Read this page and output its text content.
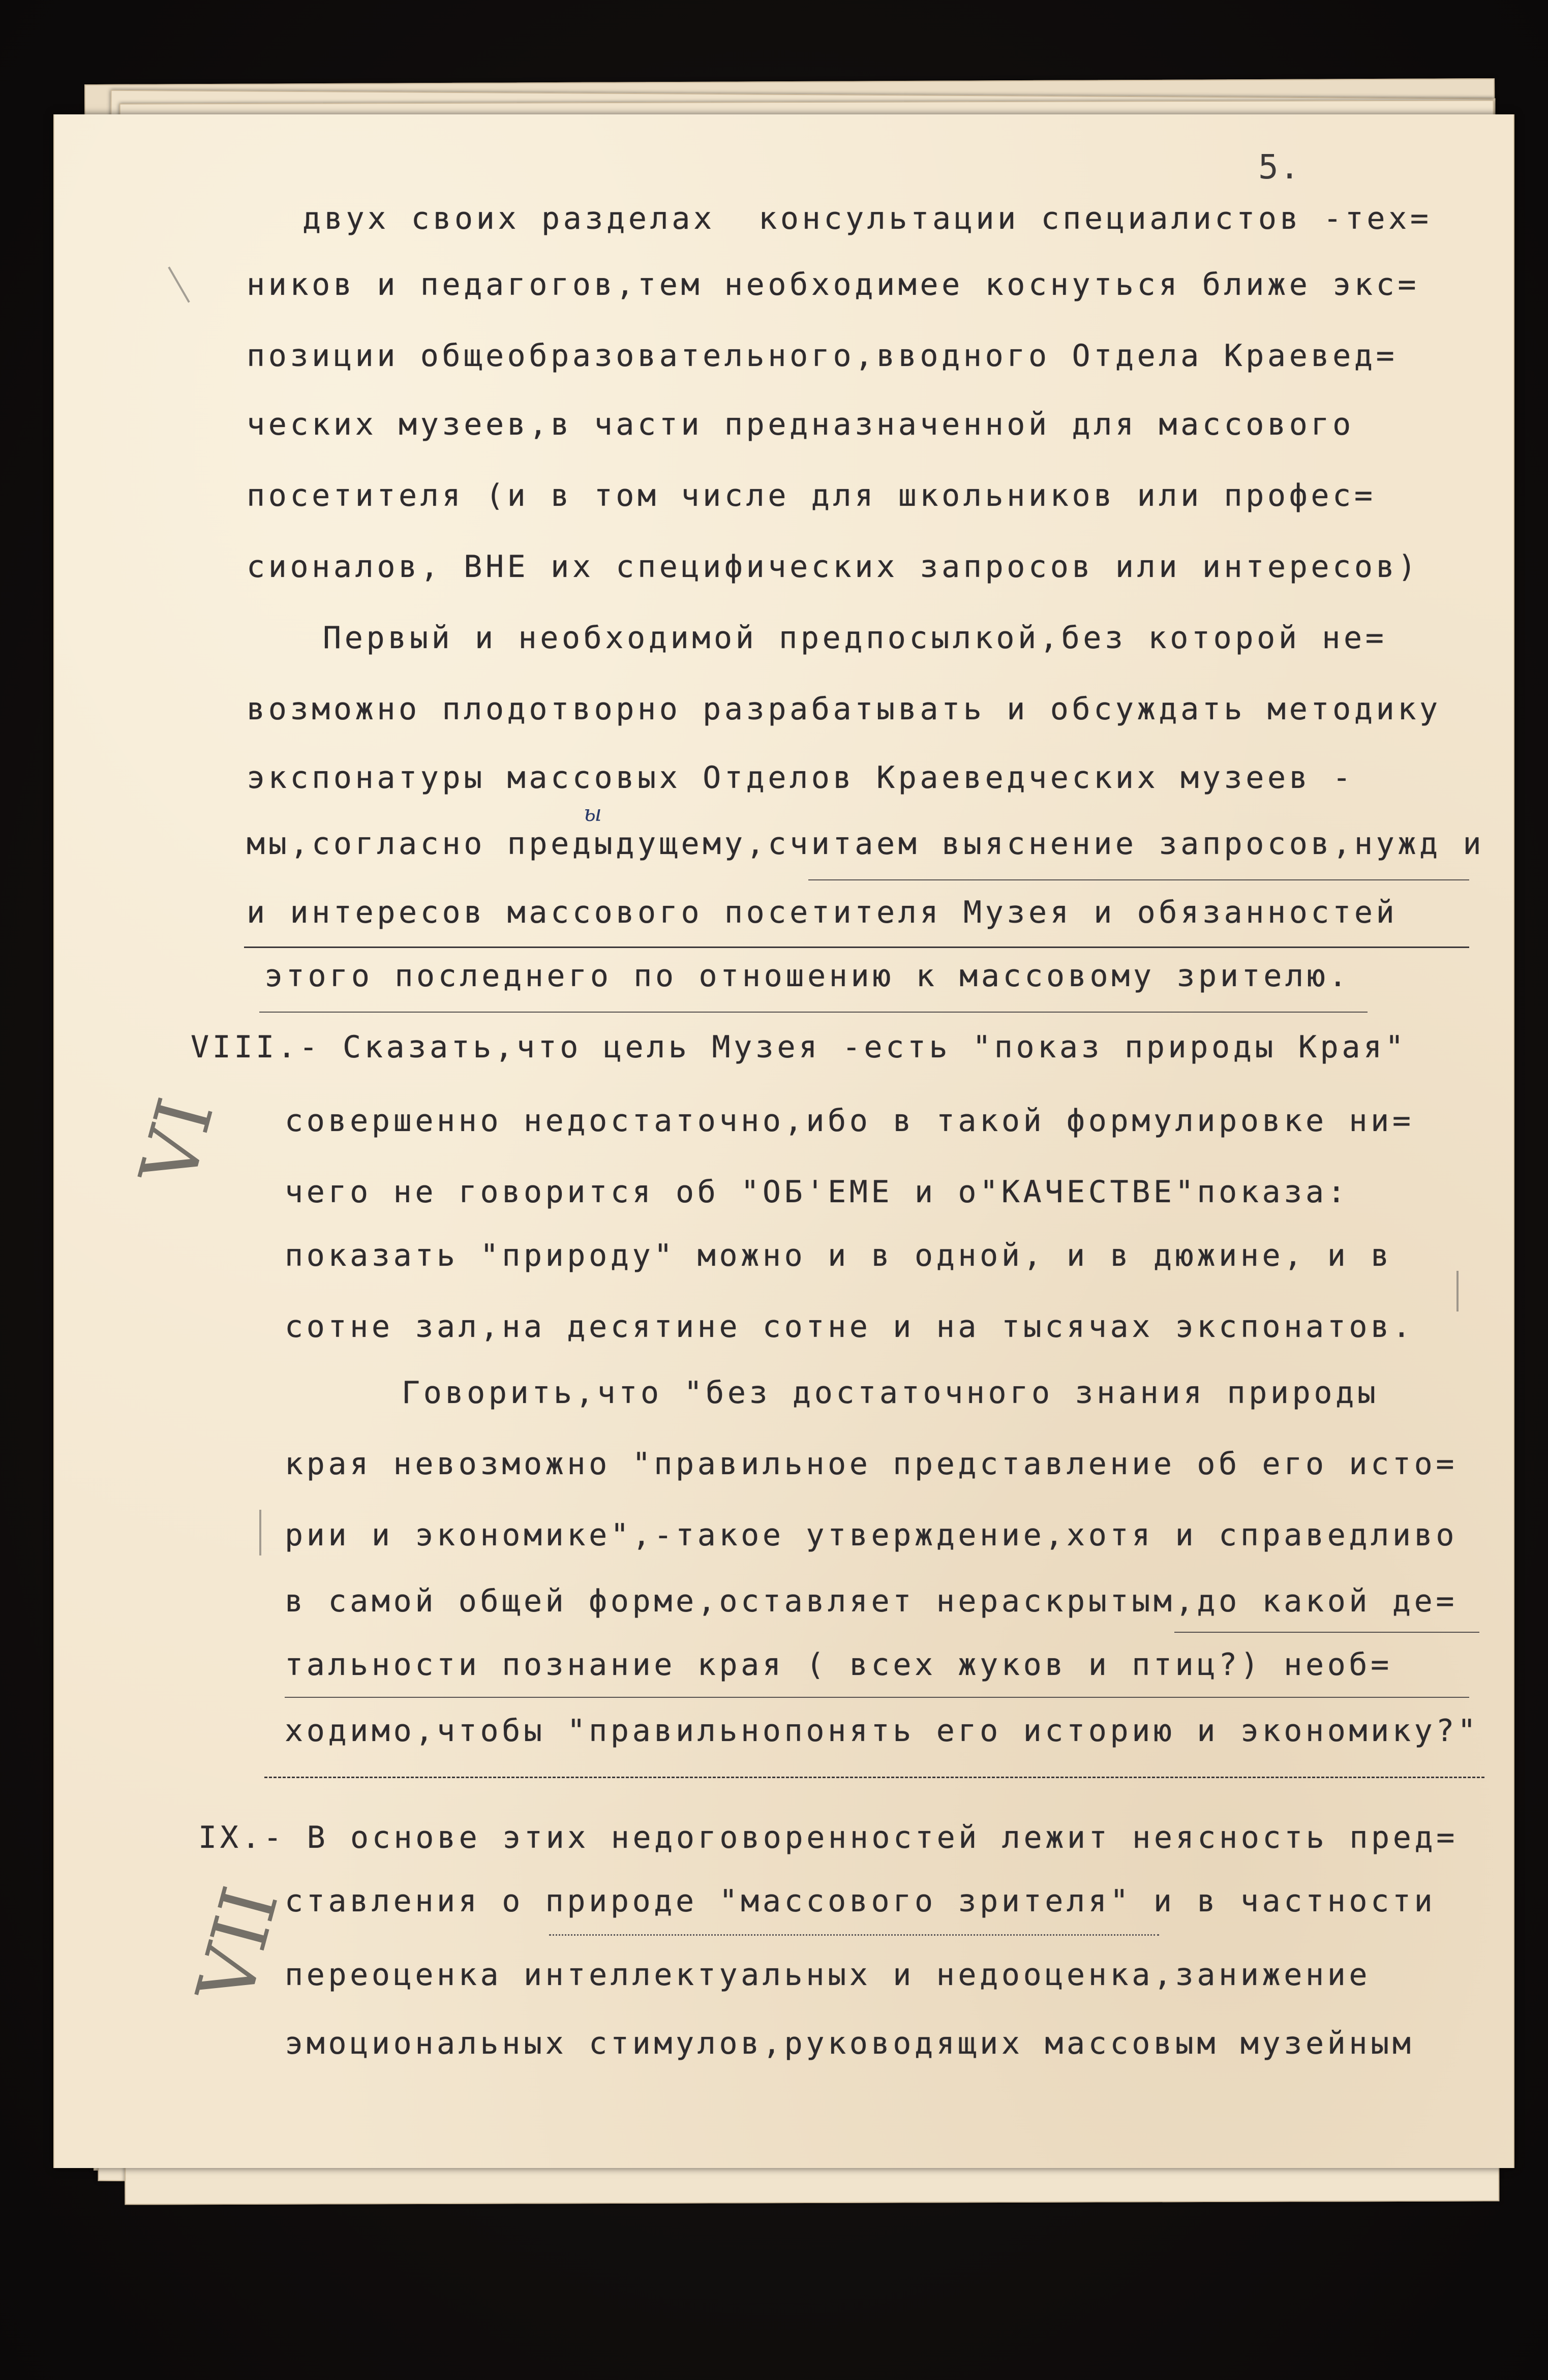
5.
двух своих разделах  консультации специалистов -тех=
ников и педагогов,тем необходимее коснуться ближе экс=
позиции общеобразовательного,вводного Отдела Краевед=
ческих музеев,в части предназначенной для массового
посетителя (и в том числе для школьников или профес=
сионалов, ВНЕ их специфических запросов или интересов)
Первый и необходимой предпосылкой,без которой не=
возможно плодотворно разрабатывать и обсуждать методику
экспонатуры массовых Отделов Краеведческих музеев -
мы,согласно предыдущему,считаем выяснение запросов,нужд и
и интересов массового посетителя Музея и обязанностей
этого последнего по отношению к массовому зрителю.
VIII.- Сказать,что цель Музея -есть "показ природы Края"
совершенно недостаточно,ибо в такой формулировке ни=
чего не говорится об "ОБ'ЕМЕ и о"КАЧЕСТВЕ"показа:
показать "природу" можно и в одной, и в дюжине, и в
сотне зал,на десятине сотне и на тысячах экспонатов.
Говорить,что "без достаточного знания природы
края невозможно "правильное представление об его исто=
рии и экономике",-такое утверждение,хотя и справедливо
в самой общей форме,оставляет нераскрытым,до какой де=
тальности познание края ( всех жуков и птиц?) необ=
ходимо,чтобы "правильнопонять его историю и экономику?"
IX.- В основе этих недоговоренностей лежит неясность пред=
ставления о природе "массового зрителя" и в частности
переоценка интеллектуальных и недооценка,занижение
эмоциональных стимулов,руководящих массовым музейным
VI
VII
ы
